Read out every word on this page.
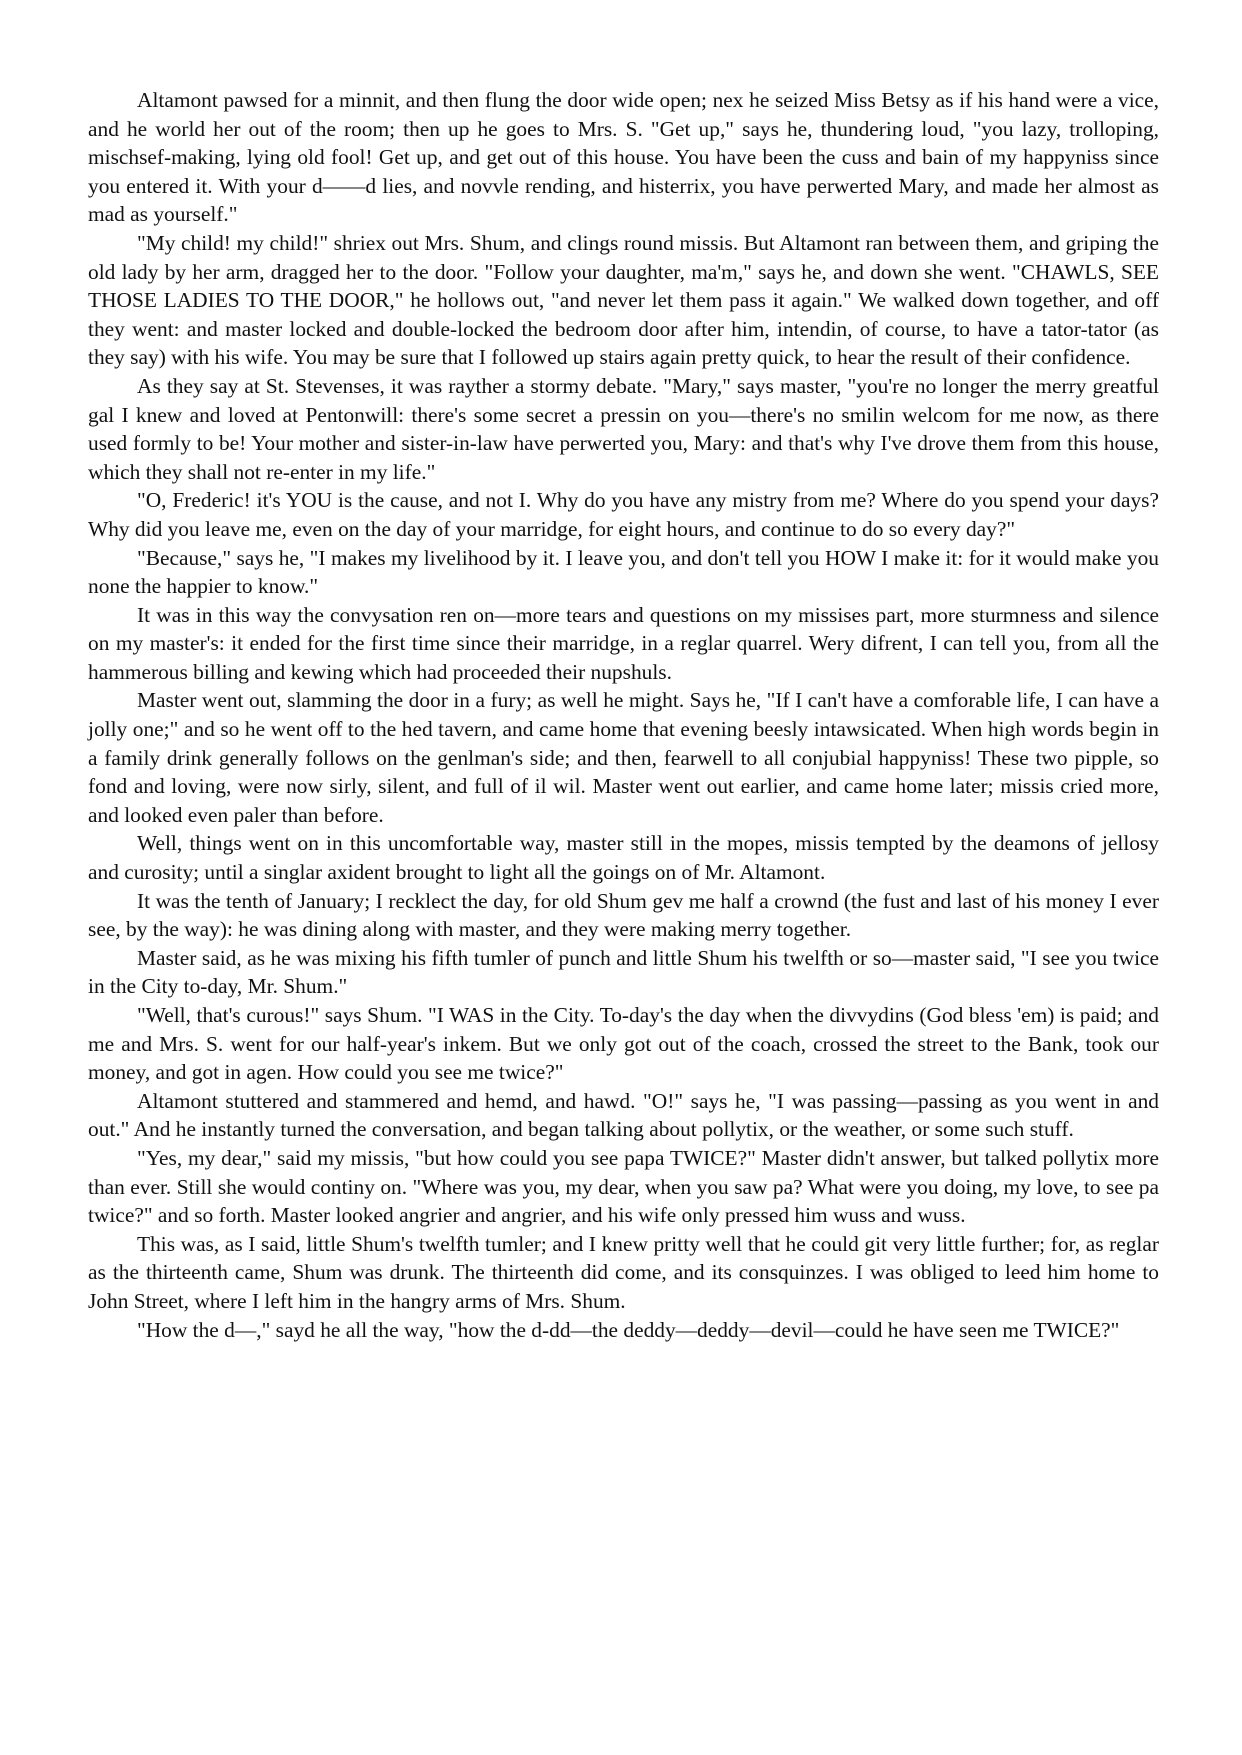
Altamont pawsed for a minnit, and then flung the door wide open; nex he seized Miss Betsy as if his hand were a vice, and he world her out of the room; then up he goes to Mrs. S. "Get up," says he, thundering loud, "you lazy, trolloping, mischsef-making, lying old fool! Get up, and get out of this house. You have been the cuss and bain of my happyniss since you entered it. With your d——d lies, and novvle rending, and histerrix, you have perwerted Mary, and made her almost as mad as yourself."

"My child! my child!" shriex out Mrs. Shum, and clings round missis. But Altamont ran between them, and griping the old lady by her arm, dragged her to the door. "Follow your daughter, ma'm," says he, and down she went. "CHAWLS, SEE THOSE LADIES TO THE DOOR," he hollows out, "and never let them pass it again." We walked down together, and off they went: and master locked and double-locked the bedroom door after him, intendin, of course, to have a tator-tator (as they say) with his wife. You may be sure that I followed up stairs again pretty quick, to hear the result of their confidence.

As they say at St. Stevenses, it was rayther a stormy debate. "Mary," says master, "you're no longer the merry greatful gal I knew and loved at Pentonwill: there's some secret a pressin on you—there's no smilin welcom for me now, as there used formly to be! Your mother and sister-in-law have perwerted you, Mary: and that's why I've drove them from this house, which they shall not re-enter in my life."

"O, Frederic! it's YOU is the cause, and not I. Why do you have any mistry from me? Where do you spend your days? Why did you leave me, even on the day of your marridge, for eight hours, and continue to do so every day?"

"Because," says he, "I makes my livelihood by it. I leave you, and don't tell you HOW I make it: for it would make you none the happier to know."

It was in this way the convysation ren on—more tears and questions on my missises part, more sturmness and silence on my master's: it ended for the first time since their marridge, in a reglar quarrel. Wery difrent, I can tell you, from all the hammerous billing and kewing which had proceeded their nupshuls.

Master went out, slamming the door in a fury; as well he might. Says he, "If I can't have a comforable life, I can have a jolly one;" and so he went off to the hed tavern, and came home that evening beesly intawsicated. When high words begin in a family drink generally follows on the genlman's side; and then, fearwell to all conjubial happyniss! These two pipple, so fond and loving, were now sirly, silent, and full of il wil. Master went out earlier, and came home later; missis cried more, and looked even paler than before.

Well, things went on in this uncomfortable way, master still in the mopes, missis tempted by the deamons of jellosy and curosity; until a singlar axident brought to light all the goings on of Mr. Altamont.

It was the tenth of January; I recklect the day, for old Shum gev me half a crownd (the fust and last of his money I ever see, by the way): he was dining along with master, and they were making merry together.

Master said, as he was mixing his fifth tumler of punch and little Shum his twelfth or so—master said, "I see you twice in the City to-day, Mr. Shum."

"Well, that's curous!" says Shum. "I WAS in the City. To-day's the day when the divvydins (God bless 'em) is paid; and me and Mrs. S. went for our half-year's inkem. But we only got out of the coach, crossed the street to the Bank, took our money, and got in agen. How could you see me twice?"

Altamont stuttered and stammered and hemd, and hawd. "O!" says he, "I was passing—passing as you went in and out." And he instantly turned the conversation, and began talking about pollytix, or the weather, or some such stuff.

"Yes, my dear," said my missis, "but how could you see papa TWICE?" Master didn't answer, but talked pollytix more than ever. Still she would continy on. "Where was you, my dear, when you saw pa? What were you doing, my love, to see pa twice?" and so forth. Master looked angrier and angrier, and his wife only pressed him wuss and wuss.

This was, as I said, little Shum's twelfth tumler; and I knew pritty well that he could git very little further; for, as reglar as the thirteenth came, Shum was drunk. The thirteenth did come, and its consquinzes. I was obliged to leed him home to John Street, where I left him in the hangry arms of Mrs. Shum.

"How the d—," sayd he all the way, "how the d-dd—the deddy—deddy—devil—could he have seen me TWICE?"
